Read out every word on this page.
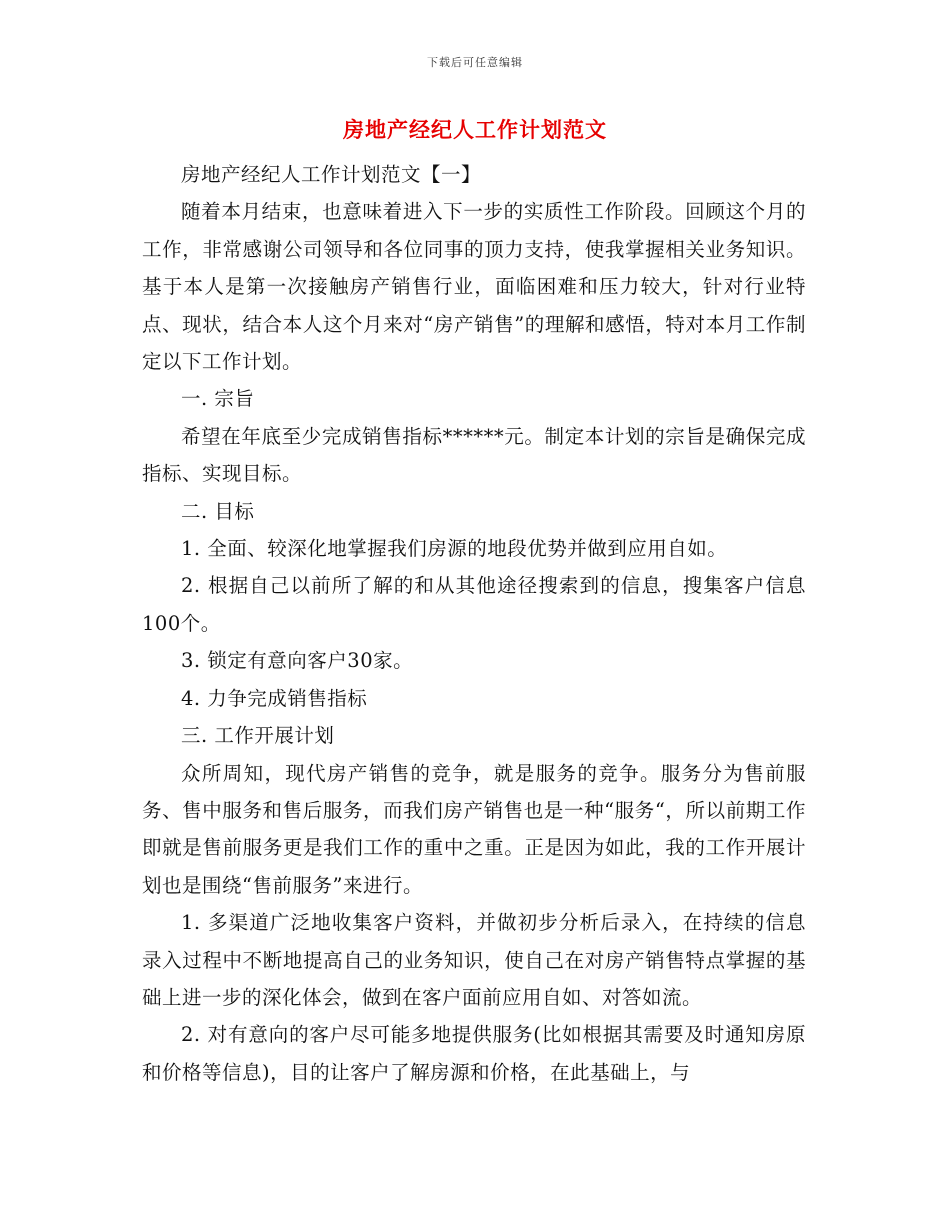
下载后可任意编辑
房地产经纪人工作计划范文

房地产经纪人工作计划范文【一】

随着本月结束，也意味着进入下一步的实质性工作阶段。回顾这个月的工作，非常感谢公司领导和各位同事的顶力支持，使我掌握相关业务知识。基于本人是第一次接触房产销售行业，面临困难和压力较大，针对行业特点、现状，结合本人这个月来对“房产销售”的理解和感悟，特对本月工作制定以下工作计划。

一. 宗旨

希望在年底至少完成销售指标******元。制定本计划的宗旨是确保完成指标、实现目标。

二. 目标

1. 全面、较深化地掌握我们房源的地段优势并做到应用自如。

2. 根据自己以前所了解的和从其他途径搜索到的信息，搜集客户信息100个。

3. 锁定有意向客户30家。

4. 力争完成销售指标

三. 工作开展计划

众所周知，现代房产销售的竞争，就是服务的竞争。服务分为售前服务、售中服务和售后服务，而我们房产销售也是一种“服务“，所以前期工作即就是售前服务更是我们工作的重中之重。正是因为如此，我的工作开展计划也是围绕“售前服务”来进行。

1. 多渠道广泛地收集客户资料，并做初步分析后录入，在持续的信息录入过程中不断地提高自己的业务知识，使自己在对房产销售特点掌握的基础上进一步的深化体会，做到在客户面前应用自如、对答如流。

2. 对有意向的客户尽可能多地提供服务(比如根据其需要及时通知房原和价格等信息)，目的让客户了解房源和价格，在此基础上，与
